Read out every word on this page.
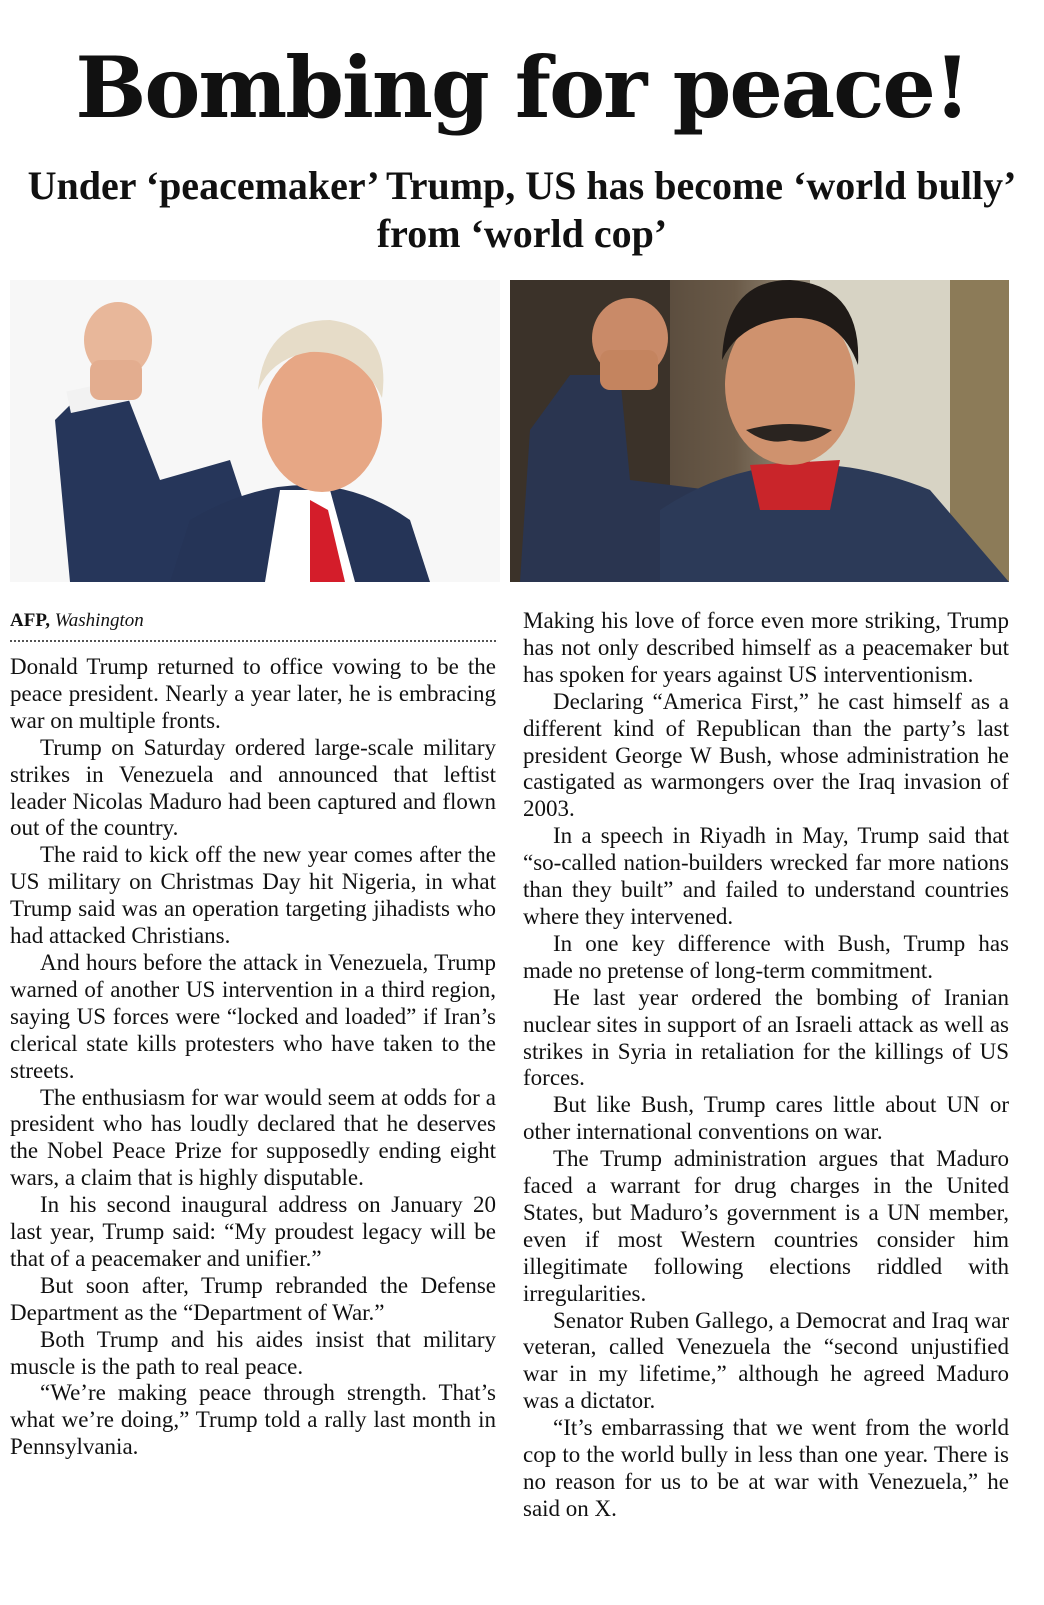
Bombing for peace!
Under ‘peacemaker’ Trump, US has become ‘world bully’ from ‘world cop’
AFP, Washington

Donald Trump returned to office vowing to be the peace president. Nearly a year later, he is embracing war on multiple fronts.

Trump on Saturday ordered large-scale military strikes in Venezuela and announced that leftist leader Nicolas Maduro had been captured and flown out of the country.

The raid to kick off the new year comes after the US military on Christmas Day hit Nigeria, in what Trump said was an operation targeting jihadists who had attacked Christians.

And hours before the attack in Venezuela, Trump warned of another US intervention in a third region, saying US forces were “locked and loaded” if Iran’s clerical state kills protesters who have taken to the streets.

The enthusiasm for war would seem at odds for a president who has loudly declared that he deserves the Nobel Peace Prize for supposedly ending eight wars, a claim that is highly disputable.

In his second inaugural address on January 20 last year, Trump said: “My proudest legacy will be that of a peacemaker and unifier.”

But soon after, Trump rebranded the Defense Department as the “Department of War.”

Both Trump and his aides insist that military muscle is the path to real peace.

“We’re making peace through strength. That’s what we’re doing,” Trump told a rally last month in Pennsylvania.

Making his love of force even more striking, Trump has not only described himself as a peacemaker but has spoken for years against US interventionism.

Declaring “America First,” he cast himself as a different kind of Republican than the party’s last president George W Bush, whose administration he castigated as warmongers over the Iraq invasion of 2003.

In a speech in Riyadh in May, Trump said that “so-called nation-builders wrecked far more nations than they built” and failed to understand countries where they intervened.

In one key difference with Bush, Trump has made no pretense of long-term commitment.

He last year ordered the bombing of Iranian nuclear sites in support of an Israeli attack as well as strikes in Syria in retaliation for the killings of US forces.

But like Bush, Trump cares little about UN or other international conventions on war.

The Trump administration argues that Maduro faced a warrant for drug charges in the United States, but Maduro’s government is a UN member, even if most Western countries consider him illegitimate following elections riddled with irregularities.

Senator Ruben Gallego, a Democrat and Iraq war veteran, called Venezuela the “second unjustified war in my lifetime,” although he agreed Maduro was a dictator.

“It’s embarrassing that we went from the world cop to the world bully in less than one year. There is no reason for us to be at war with Venezuela,” he said on X.
